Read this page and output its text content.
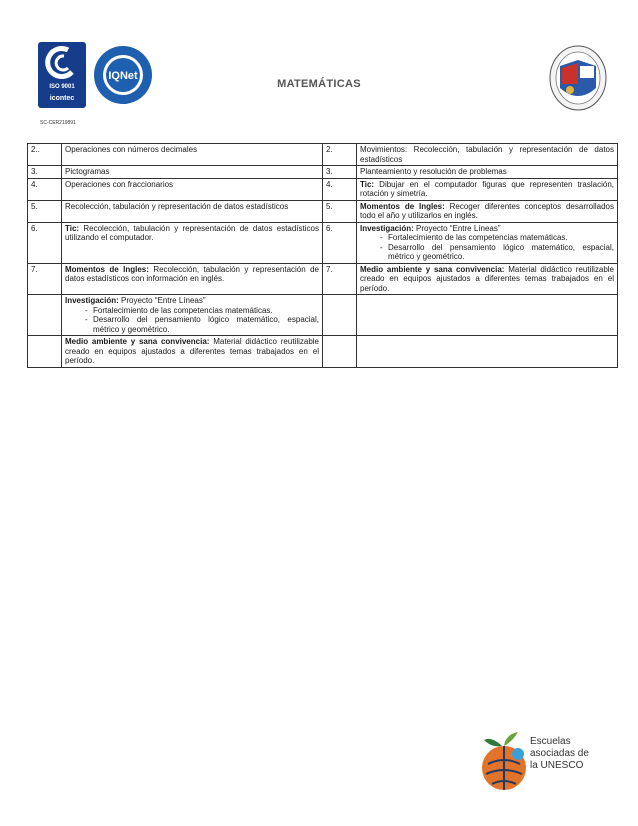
ISO 9001
icontec
SC-CER219891
IQNet
MATEMÁTICAS
2..	Operaciones con números decimales	2.	Movimientos: Recolección, tabulación y representación de datos estadísticos

3.	Pictogramas	3.	Planteamiento y resolución de problemas

4.	Operaciones con fraccionarios	4.	Tic: Dibujar en el computador figuras que representen traslación, rotación y simetría.

5.	Recolección, tabulación y representación de datos estadísticos	5.	Momentos de Ingles: Recoger diferentes conceptos desarrollados todo el año y utilizarlos en inglés.

6.	Tic: Recolección, tabulación y representación de datos estadísticos utilizando el computador.	6.	Investigación: Proyecto “Entre Líneas”
- Fortalecimiento de las competencias matemáticas.
- Desarrollo del pensamiento lógico matemático, espacial, métrico y geométrico.

7.	Momentos de Ingles: Recolección, tabulación y representación de datos estadísticos con información en inglés.	7.	Medio ambiente y sana convivencia: Material didáctico reutilizable creado en equipos ajustados a diferentes temas trabajados en el período.

	Investigación: Proyecto “Entre Líneas”
- Fortalecimiento de las competencias matemáticas.
- Desarrollo del pensamiento lógico matemático, espacial, métrico y geométrico.

	Medio ambiente y sana convivencia: Material didáctico reutilizable creado en equipos ajustados a diferentes temas trabajados en el período.		

Escuelas
asociadas de
la UNESCO
